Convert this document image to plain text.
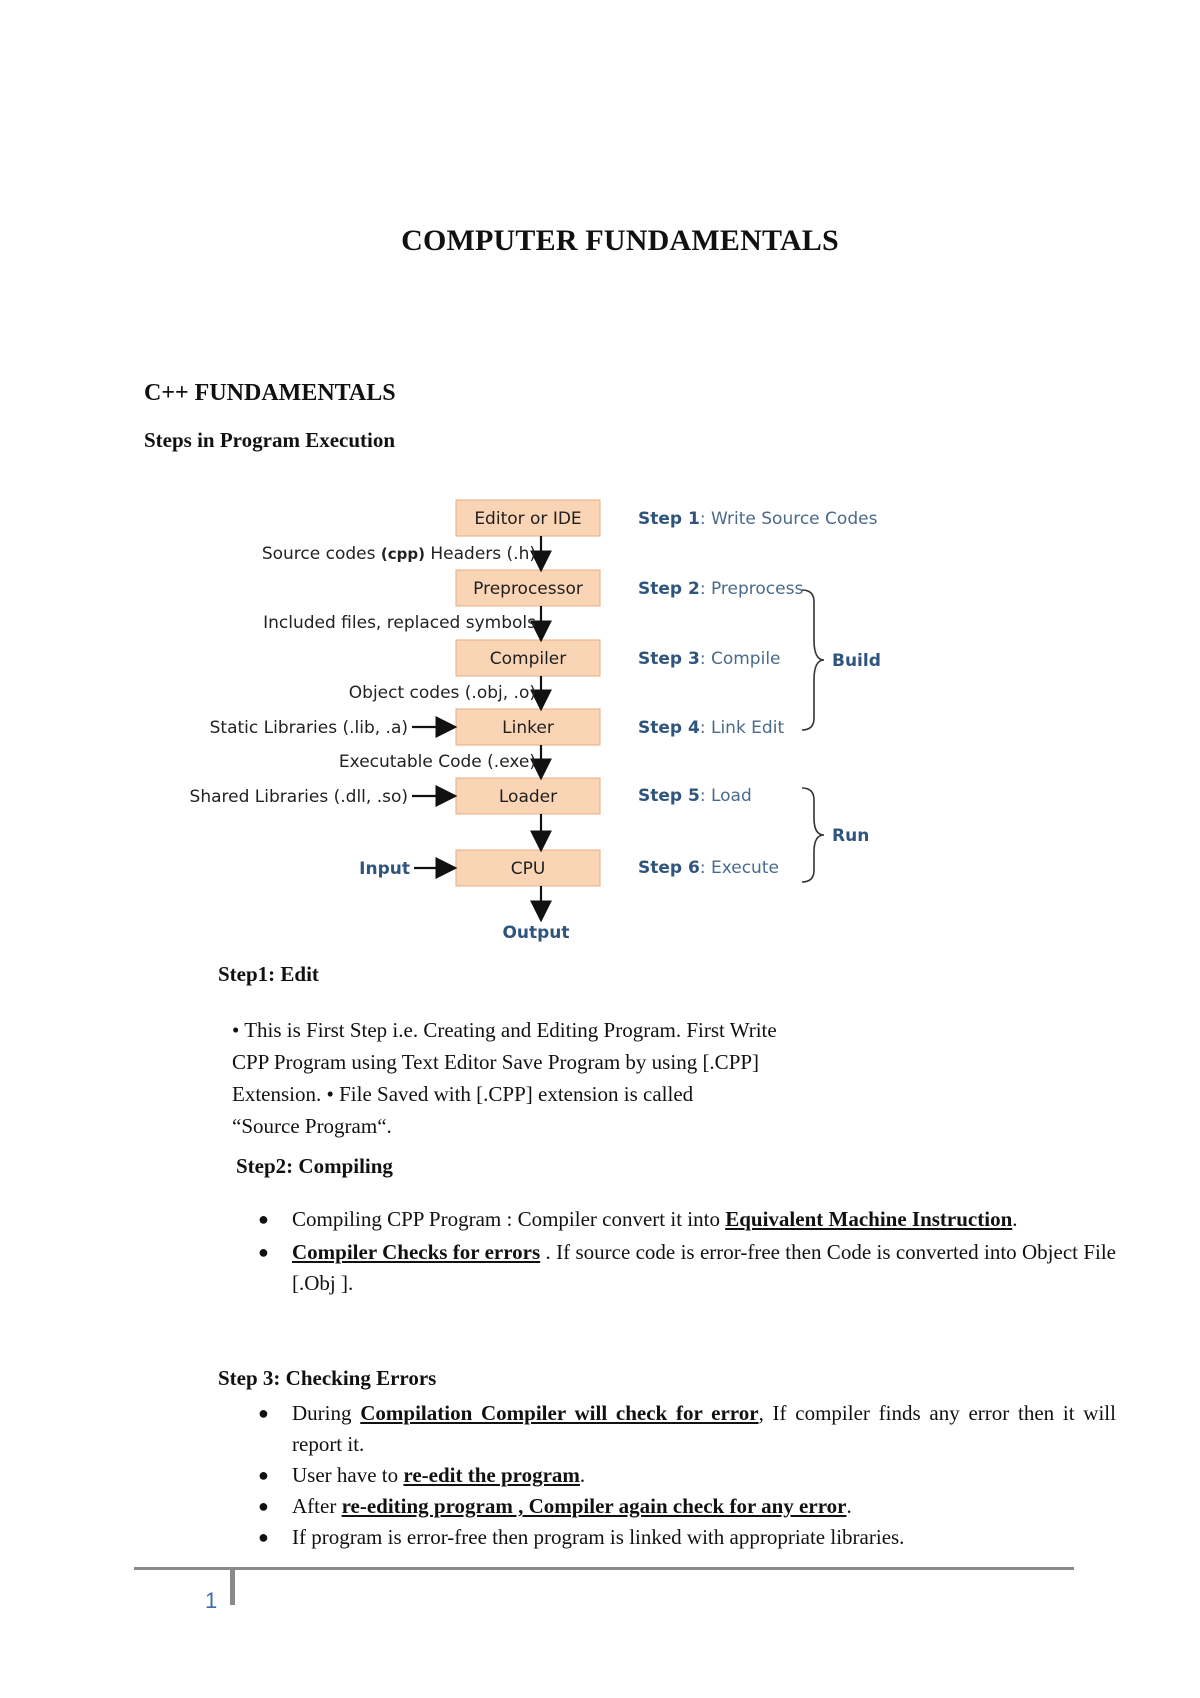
COMPUTER FUNDAMENTALS
C++ FUNDAMENTALS
Steps in Program Execution
Editor or IDE
Preprocessor
Compiler
Linker
Loader
CPU
Source codes (cpp) Headers (.h)
Included files, replaced symbols
Object codes (.obj, .o)
Executable Code (.exe)
Static Libraries (.lib, .a)
Shared Libraries (.dll, .so)
Input
Output
Step 1: Write Source Codes
Step 2: Preprocess
Step 3: Compile
Step 4: Link Edit
Step 5: Load
Step 6: Execute
Build
Run
Step1: Edit
• This is First Step i.e. Creating and Editing Program. First Write
CPP Program using Text Editor Save Program by using [.CPP]
Extension. • File Saved with [.CPP] extension is called
“Source Program“.
Step2: Compiling
● Compiling CPP Program : Compiler convert it into Equivalent Machine Instruction.
● Compiler Checks for errors . If source code is error-free then Code is converted into Object File [.Obj ].
Step 3: Checking Errors
● During Compilation Compiler will check for error, If compiler finds any error then it will report it.
● User have to re-edit the program.
● After re-editing program , Compiler again check for any error.
● If program is error-free then program is linked with appropriate libraries.
1
